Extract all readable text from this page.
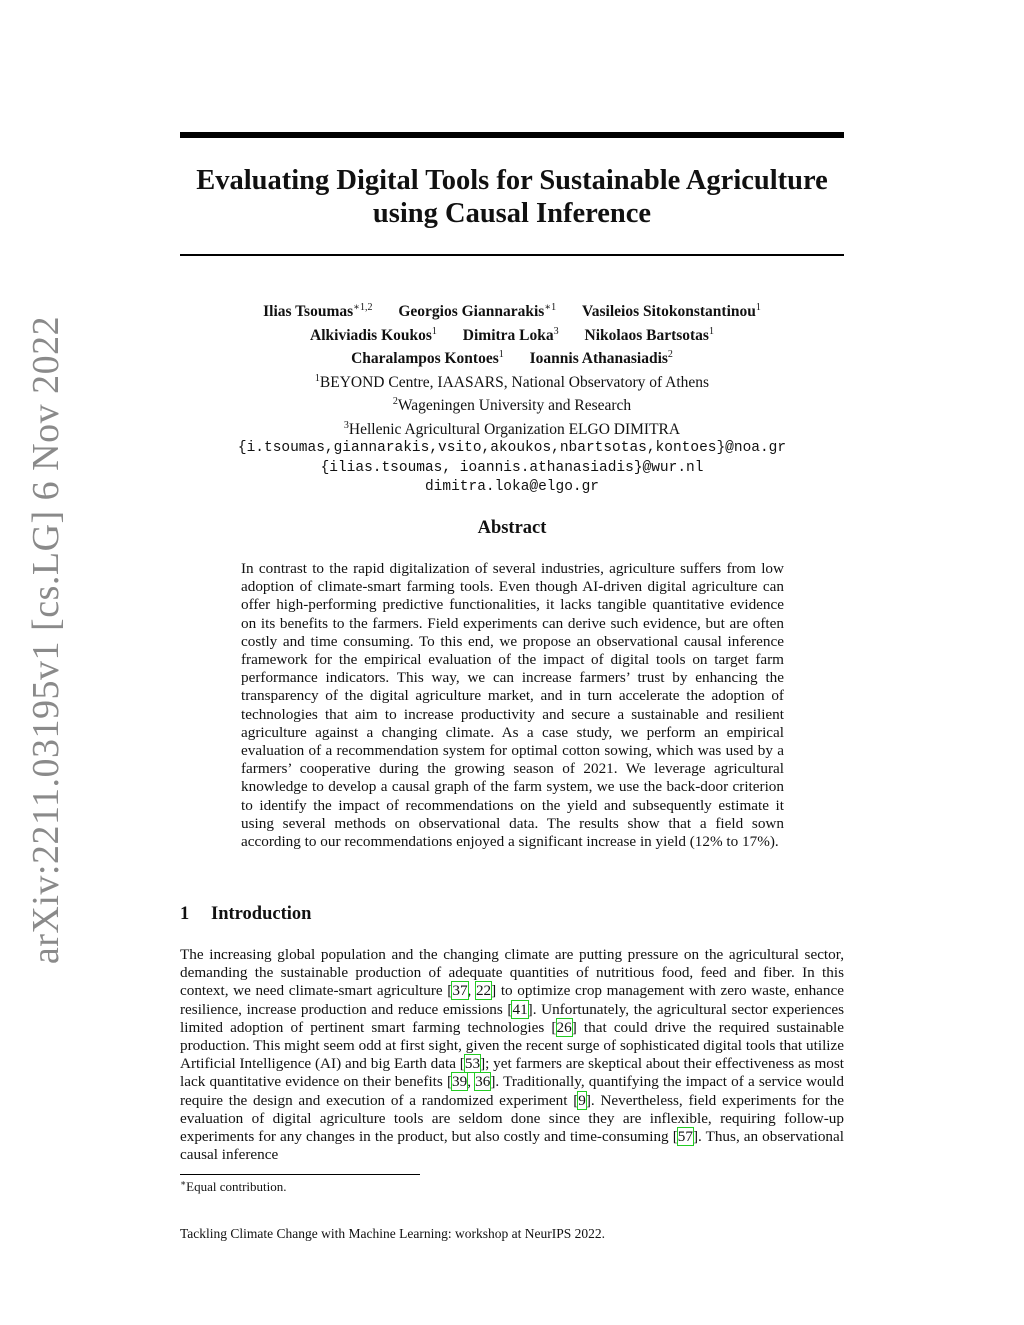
arXiv:2211.03195v1 [cs.LG] 6 Nov 2022
Evaluating Digital Tools for Sustainable Agriculture
using Causal Inference
Ilias Tsoumas$^{∗1,2}$ Georgios Giannarakis$^{∗1}$ Vasileios Sitokonstantinou$^1$
Alkiviadis Koukos$^1$ Dimitra Loka$^3$ Nikolaos Bartsotas$^1$
Charalampos Kontoes$^1$ Ioannis Athanasiadis$^2$
$^1$BEYOND Centre, IAASARS, National Observatory of Athens
$^2$Wageningen University and Research
$^3$Hellenic Agricultural Organization ELGO DIMITRA
{i.tsoumas,giannarakis,vsito,akoukos,nbartsotas,kontoes}@noa.gr
{ilias.tsoumas, ioannis.athanasiadis}@wur.nl
dimitra.loka@elgo.gr
Abstract
In contrast to the rapid digitalization of several industries, agriculture suffers from low adoption of climate-smart farming tools. Even though AI-driven digital agriculture can offer high-performing predictive functionalities, it lacks tangible quantitative evidence on its benefits to the farmers. Field experiments can derive such evidence, but are often costly and time consuming. To this end, we propose an observational causal inference framework for the empirical evaluation of the impact of digital tools on target farm performance indicators. This way, we can increase farmers’ trust by enhancing the transparency of the digital agriculture market, and in turn accelerate the adoption of technologies that aim to increase productivity and secure a sustainable and resilient agriculture against a changing climate. As a case study, we perform an empirical evaluation of a recommendation system for optimal cotton sowing, which was used by a farmers’ cooperative during the growing season of 2021. We leverage agricultural knowledge to develop a causal graph of the farm system, we use the back-door criterion to identify the impact of recommendations on the yield and subsequently estimate it using several methods on observational data. The results show that a field sown according to our recommendations enjoyed a significant increase in yield (12% to 17%).
1 Introduction
The increasing global population and the changing climate are putting pressure on the agricultural sector, demanding the sustainable production of adequate quantities of nutritious food, feed and fiber. In this context, we need climate-smart agriculture [37, 22] to optimize crop management with zero waste, enhance resilience, increase production and reduce emissions [41]. Unfortunately, the agricultural sector experiences limited adoption of pertinent smart farming technologies [26] that could drive the required sustainable production. This might seem odd at first sight, given the recent surge of sophisticated digital tools that utilize Artificial Intelligence (AI) and big Earth data [53]; yet farmers are skeptical about their effectiveness as most lack quantitative evidence on their benefits [39, 36]. Traditionally, quantifying the impact of a service would require the design and execution of a randomized experiment [9]. Nevertheless, field experiments for the evaluation of digital agriculture tools are seldom done since they are inflexible, requiring follow-up experiments for any changes in the product, but also costly and time-consuming [57]. Thus, an observational causal inference
∗Equal contribution.
Tackling Climate Change with Machine Learning: workshop at NeurIPS 2022.
